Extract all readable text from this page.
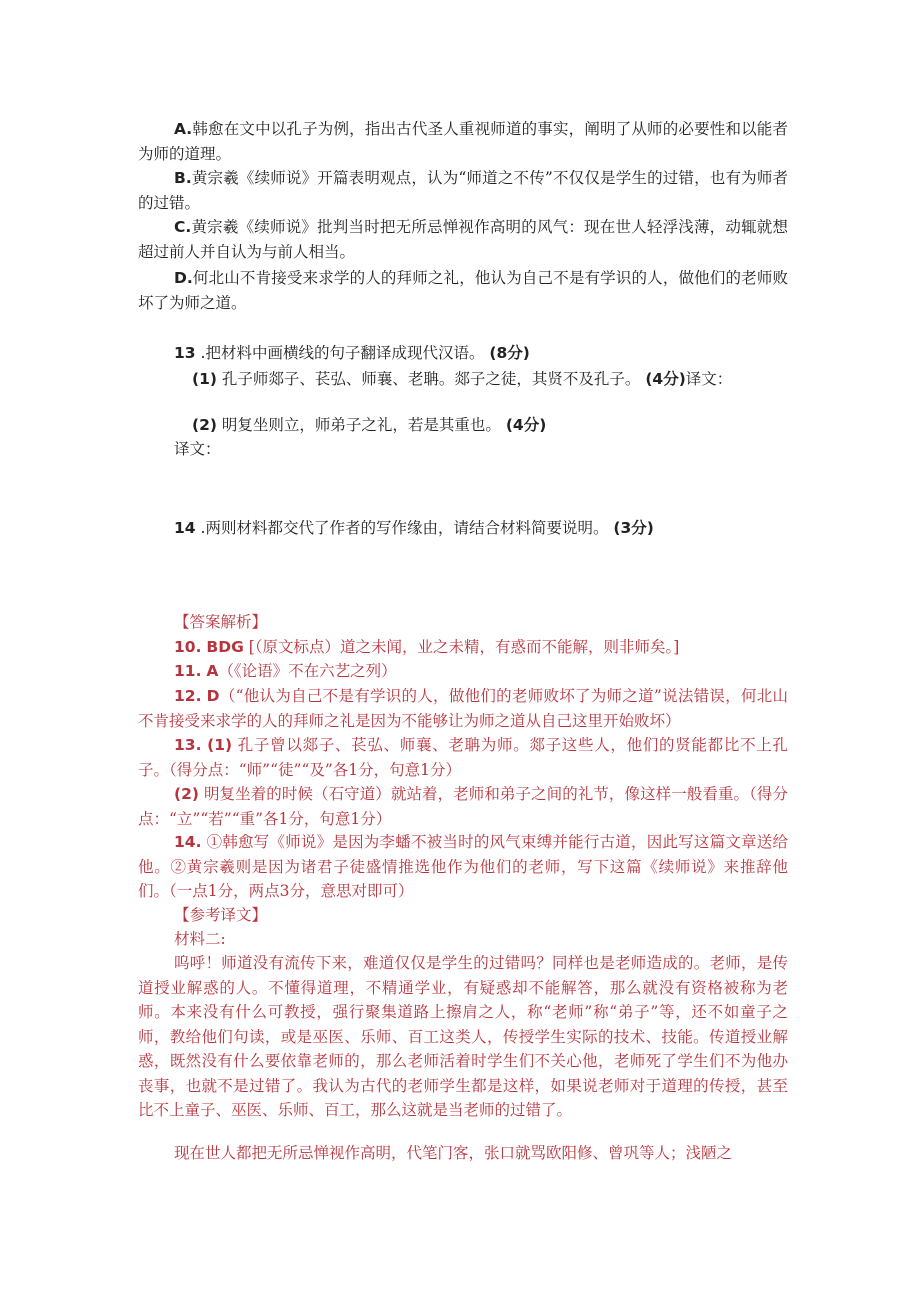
A.韩愈在文中以孔子为例，指出古代圣人重视师道的事实，阐明了从师的必要性和以能者为师的道理。

B.黄宗羲《续师说》开篇表明观点，认为“师道之不传”不仅仅是学生的过错，也有为师者的过错。

C.黄宗羲《续师说》批判当时把无所忌惮视作高明的风气：现在世人轻浮浅薄，动辄就想超过前人并自认为与前人相当。

D.何北山不肯接受来求学的人的拜师之礼，他认为自己不是有学识的人，做他们的老师败坏了为师之道。

13 .把材料中画横线的句子翻译成现代汉语。 (8分)
(1) 孔子师郯子、苌弘、师襄、老聃。郯子之徒，其贤不及孔子。 (4分)译文：
(2) 明复坐则立，师弟子之礼，若是其重也。 (4分)
译文：
14 .两则材料都交代了作者的写作缘由，请结合材料简要说明。 (3分)
【答案解析】
10. BDG [（原文标点）道之未闻，业之未精，有惑而不能解，则非师矣。]
11. A（《论语》不在六艺之列）

12. D（“他认为自己不是有学识的人，做他们的老师败坏了为师之道”说法错误，何北山不肯接受来求学的人的拜师之礼是因为不能够让为师之道从自己这里开始败坏）

13. (1) 孔子曾以郯子、苌弘、师襄、老聃为师。郯子这些人，他们的贤能都比不上孔子。（得分点：“师”“徒”“及”各1分，句意1分）

(2) 明复坐着的时候（石守道）就站着，老师和弟子之间的礼节，像这样一般看重。（得分点：“立”“若”“重”各1分，句意1分）

14. ①韩愈写《师说》是因为李蟠不被当时的风气束缚并能行古道，因此写这篇文章送给他。②黄宗羲则是因为诸君子徒盛情推选他作为他们的老师，写下这篇《续师说》来推辞他们。（一点1分，两点3分，意思对即可）

【参考译文】
材料二:

呜呼！师道没有流传下来，难道仅仅是学生的过错吗？同样也是老师造成的。老师，是传道授业解惑的人。不懂得道理，不精通学业，有疑惑却不能解答，那么就没有资格被称为老师。本来没有什么可教授，强行聚集道路上擦肩之人，称“老师”称“弟子”等，还不如童子之师，教给他们句读，或是巫医、乐师、百工这类人，传授学生实际的技术、技能。传道授业解惑，既然没有什么要依靠老师的，那么老师活着时学生们不关心他，老师死了学生们不为他办丧事，也就不是过错了。我认为古代的老师学生都是这样，如果说老师对于道理的传授，甚至比不上童子、巫医、乐师、百工，那么这就是当老师的过错了。

现在世人都把无所忌惮视作高明，代笔门客，张口就骂欧阳修、曾巩等人；浅陋之
